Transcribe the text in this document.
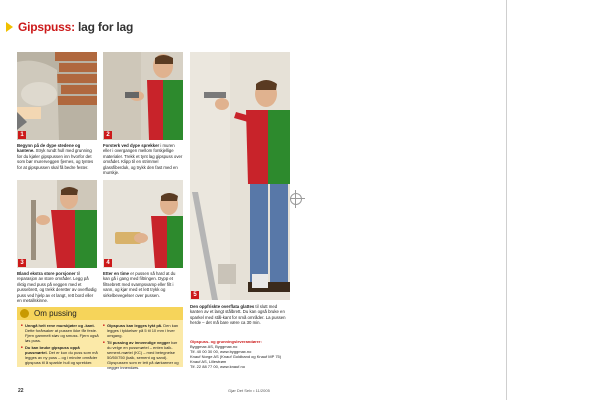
Gipspuss: lag for lag
1	2
3	4
5
Begynn på de dype stedene og kantene. Stryk rundt hull med grunning før du kjøler gipspussen inn hvorfor det som bør murerveggen fjernes, og tyntes for at gipspussen skal få bedre fester.
Forsterk ved dype sprekker i muren eller i overgangen mellom forskjellige materialer. Trekk et tynt lag gipspuss over området. Klipp til en strimmel glassfiberduk, og trykk den fast med en murskje.
Bland ekstra store porsjoner til reparasjon av store områder. Legg på riktig med puss på veggen med et pussebrett, og trekk deretter av overflødig puss ved hjelp av et langt, rett bord eller en metallskinne.
Etter en time er pussen så hard at du kan gå i gang med filtringen. Dypp et filtsebrett med svampsvamp eller filt i vann, og kjør med et lett trykk og sirkelbevegelser over pussen.
Den oppfriskte overflata glattes til slutt med kanten av et langt stålbrett. Du kan også bruke en sparkel med stål-kant for små områder. La pussen herde – det må bare være ca 30 min.
Om pussing

■ Unngå helt rene murskjøter og -kant. Dette forårsaker at pussen ikke får feste. Fjern gammelt støv og smuss. Fjern også løs puss.

■ Du kan bruke gipspuss oppå pussmørtel. Det er kun du puss som må legges av ny puss – og i mindre områder gipspuss til å sparkle hull og sprekker.

■ Gipspuss kan legges tykt på. Den kan legges i tykkelser på 5 til 10 mm i hver omgang.

■ Til pussing av innvendige vegger bør du velge en pussmørtel – enten kalk-sement-mørtel (KC) – med betegnelse 50/50/750 (kalk, sement og sand). Gipspussen som er lett på dørkarmer og vegger innendørs.

Gipspuss- og grunningsleverandører:
Byggmax AS, Byggmax.no
Tlf. 40 00 30 00, www.byggmax.no
Knauf Norge AS (Knauf Goldband og Knauf MP 75)
Knauf AS, Lillestrøm
Tlf. 22 88 77 00, www.knauf.no
22	Gjør Det Selv • 11/2005
